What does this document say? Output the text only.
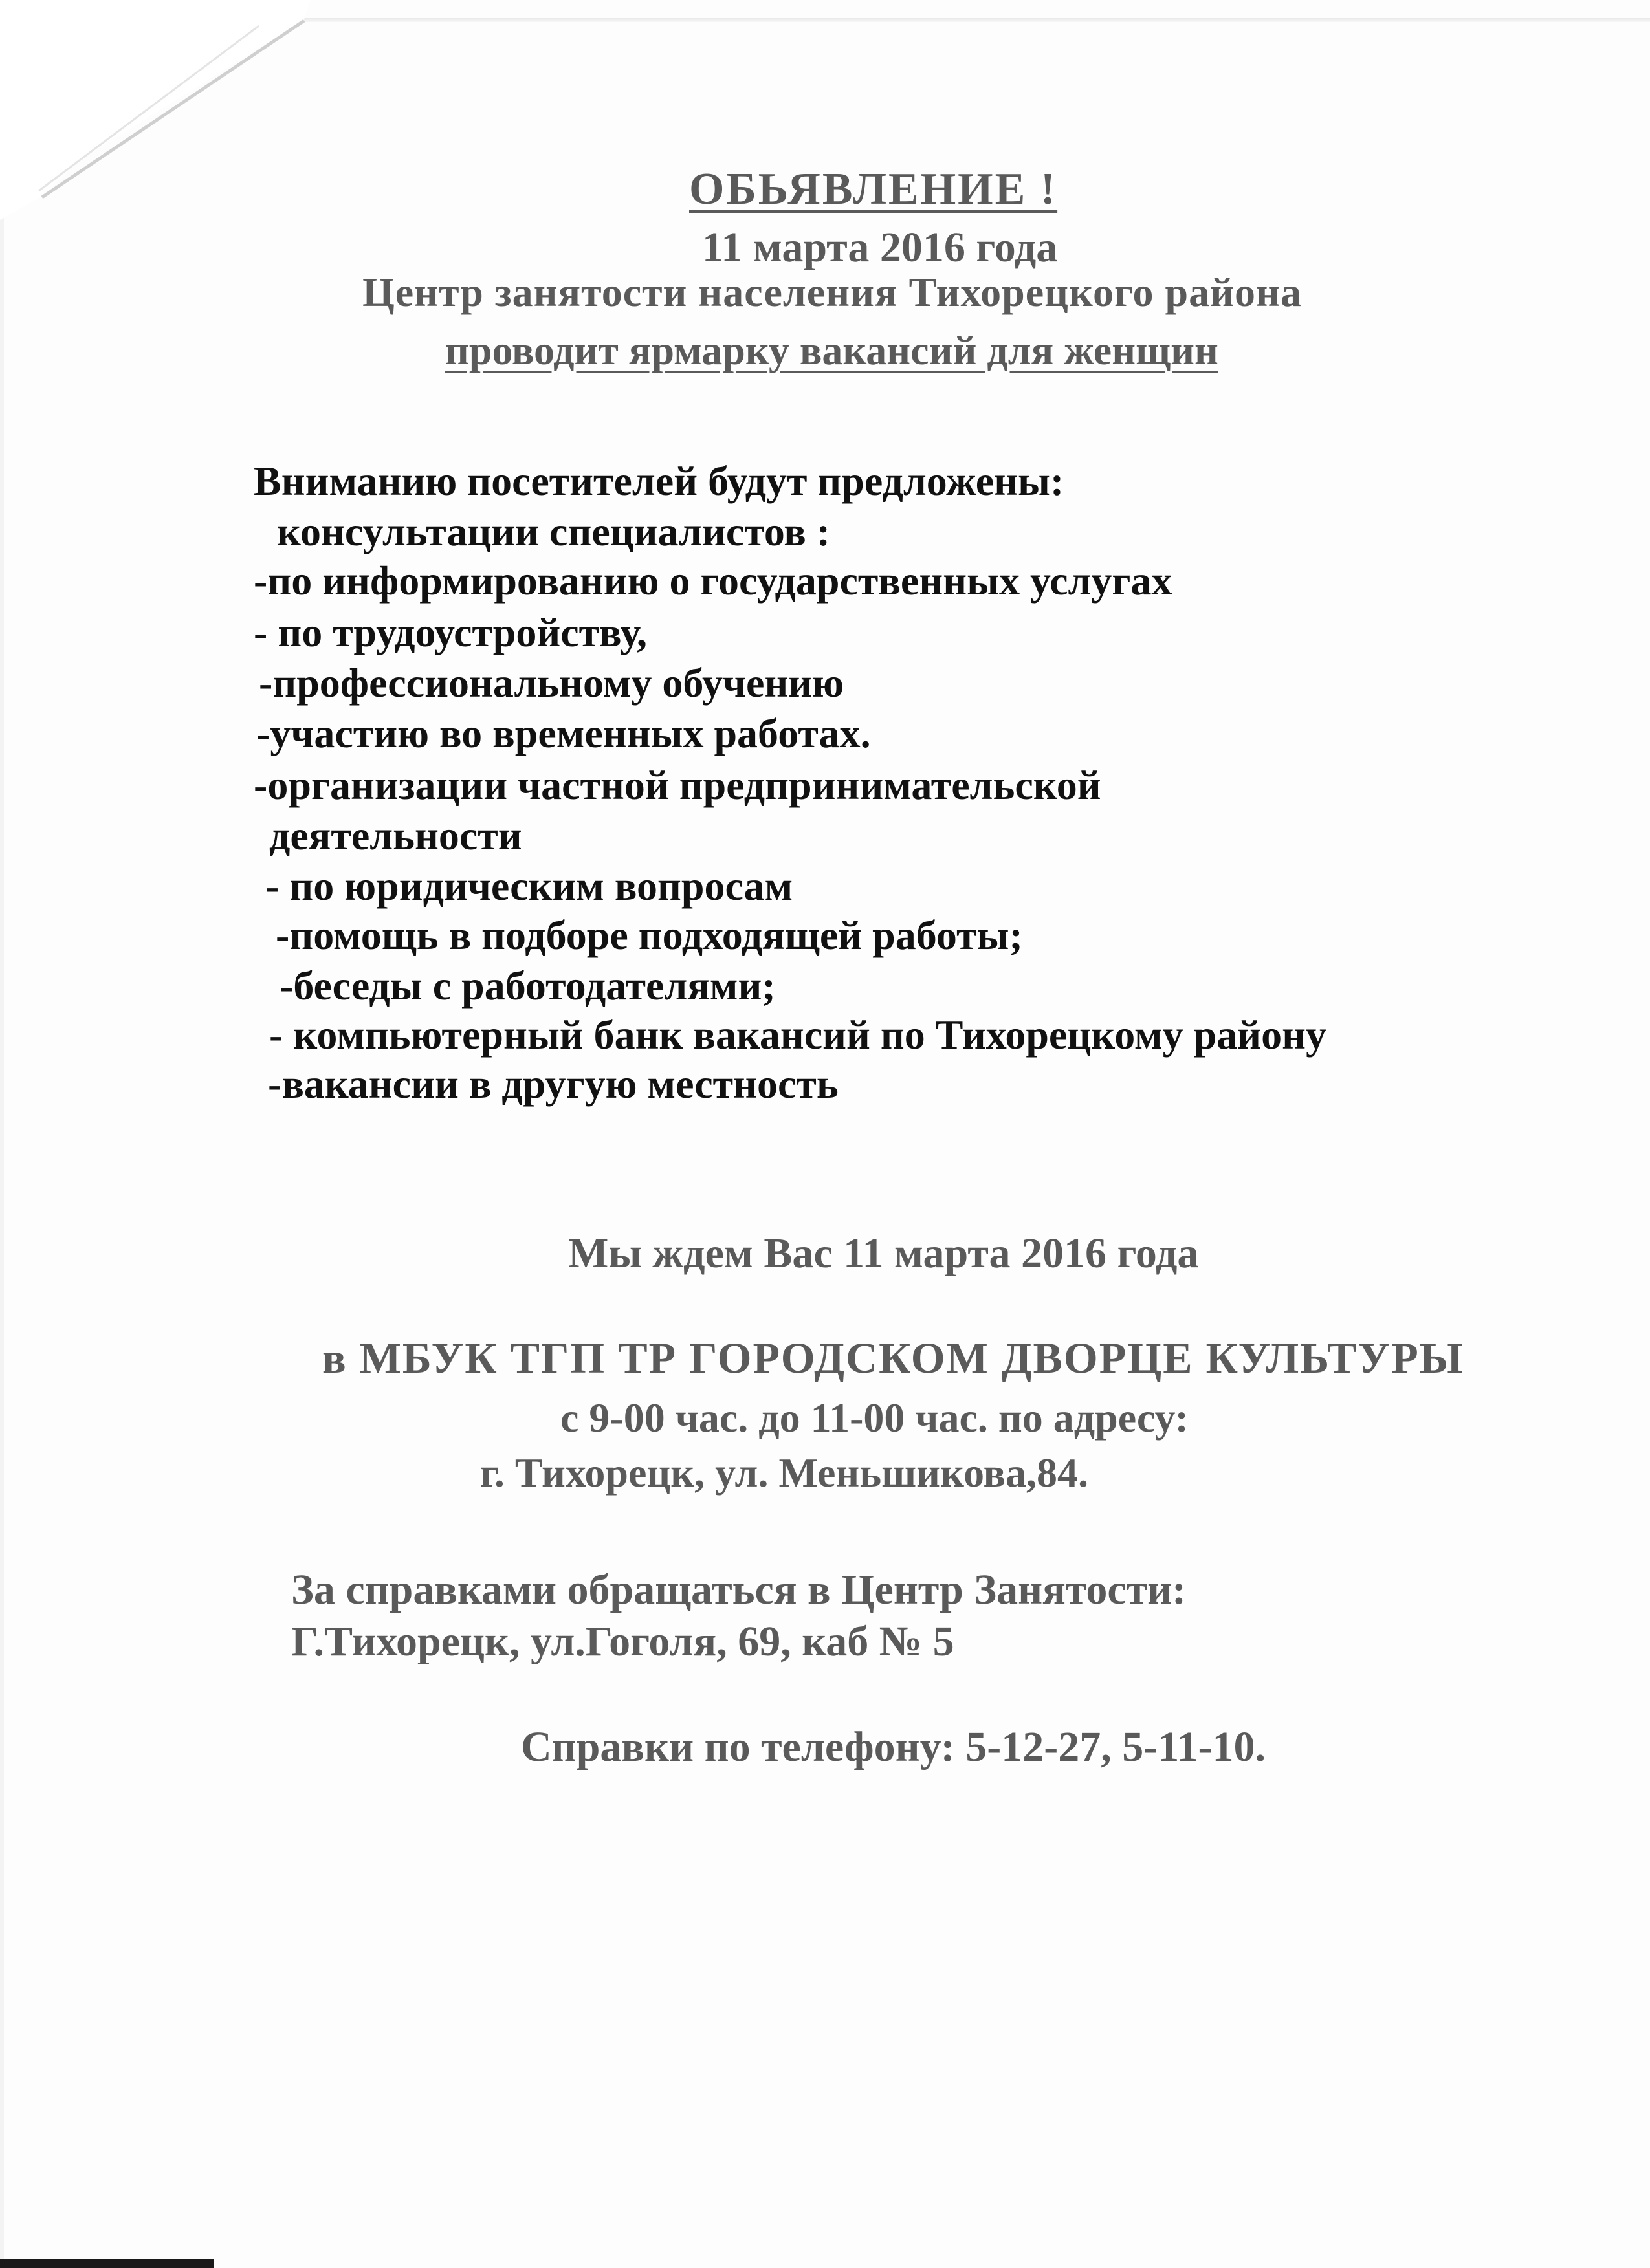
ОБЬЯВЛЕНИЕ !

11 марта 2016 года

Центр занятости населения Тихорецкого района

проводит ярмарку вакансий для женщин

Вниманию посетителей будут предложены:

консультации специалистов :

-по информированию о государственных услугах
- по трудоустройству,
-профессиональному обучению
-участию во временных работах.
-организации частной предпринимательской
деятельности
- по юридическим вопросам
-помощь в подборе подходящей работы;
-беседы с работодателями;
- компьютерный банк вакансий по Тихорецкому району
-вакансии в другую местность

Мы ждем Вас 11 марта 2016 года

в МБУК ТГП ТР ГОРОДСКОМ ДВОРЦЕ КУЛЬТУРЫ

с 9-00 час. до 11-00 час. по адресу:

г. Тихорецк, ул. Меньшикова,84.

За справками обращаться в Центр Занятости:

Г.Тихорецк, ул.Гоголя, 69, каб № 5

Справки по телефону: 5-12-27, 5-11-10.
